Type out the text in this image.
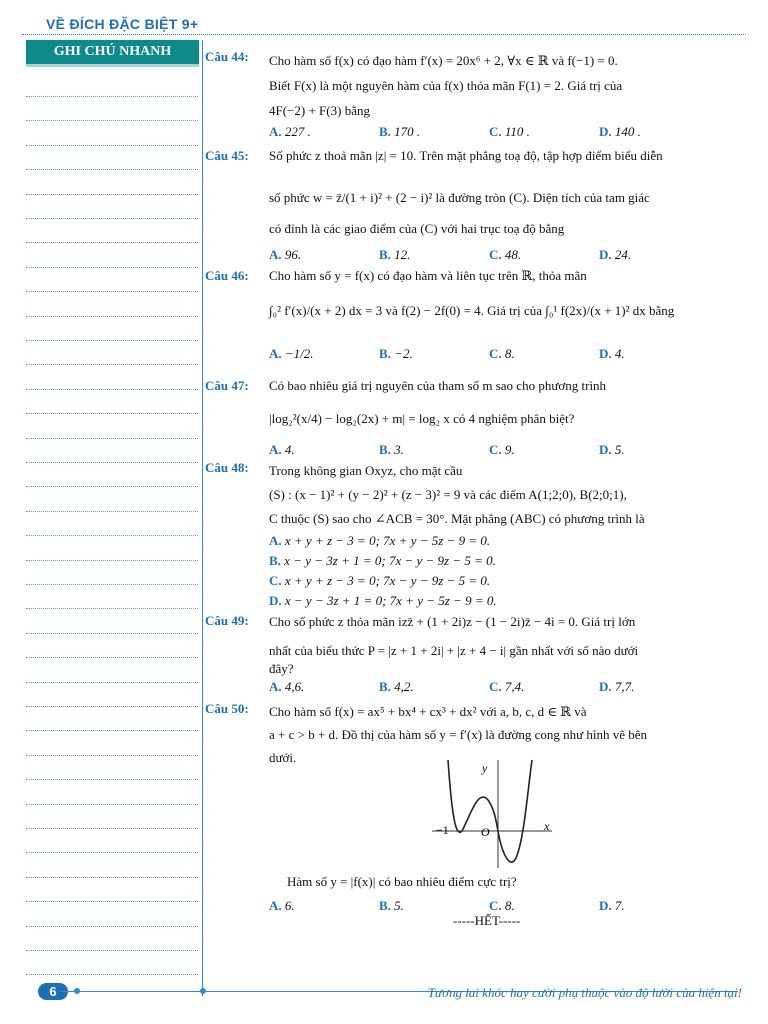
VỀ ĐÍCH ĐẶC BIỆT 9+
GHI CHÚ NHANH	Câu 44: Cho hàm số f(x) có đạo hàm f′(x) = 20x⁶ + 2, ∀x ∈ ℝ và f(−1) = 0.
Biết F(x) là một nguyên hàm của f(x) thỏa mãn F(1) = 2. Giá trị của
4F(−2) + F(3) bằng
A. 227 .	B. 170 .	C. 110 .	D. 140 .
Câu 45: Số phức z thoả mãn |z| = 10. Trên mặt phẳng toạ độ, tập hợp điểm biểu diễn
số phức w = z̄/(1 + i)² + (2 − i)² là đường tròn (C). Diện tích của tam giác
có đỉnh là các giao điểm của (C) với hai trục toạ độ bằng
A. 96.	B. 12.	C. 48.	D. 24.
Câu 46: Cho hàm số y = f(x) có đạo hàm và liên tục trên ℝ, thỏa mãn
∫₀² f′(x)/(x + 2) dx = 3 và f(2) − 2f(0) = 4. Giá trị của ∫₀¹ f(2x)/(x + 1)² dx bằng
A. −1/2.	B. −2.	C. 8.	D. 4.
Câu 47: Có bao nhiêu giá trị nguyên của tham số m sao cho phương trình
|log₂²(x/4) − log₂(2x) + m| = log₂ x có 4 nghiệm phân biệt?
A. 4.	B. 3.	C. 9.	D. 5.
Câu 48: Trong không gian Oxyz, cho mặt cầu
(S) : (x − 1)² + (y − 2)² + (z − 3)² = 9 và các điểm A(1;2;0), B(2;0;1),
C thuộc (S) sao cho ∠ACB = 30°. Mặt phẳng (ABC) có phương trình là
A. x + y + z − 3 = 0; 7x + y − 5z − 9 = 0.
B. x − y − 3z + 1 = 0; 7x − y − 9z − 5 = 0.
C. x + y + z − 3 = 0; 7x − y − 9z − 5 = 0.
D. x − y − 3z + 1 = 0; 7x + y − 5z − 9 = 0.
Câu 49: Cho số phức z thỏa mãn izz̄ + (1 + 2i)z − (1 − 2i)z̄ − 4i = 0. Giá trị lớn
nhất của biểu thức P = |z + 1 + 2i| + |z + 4 − i| gần nhất với số nào dưới
đây?
A. 4,6.	B. 4,2.	C. 7,4.	D. 7,7.
Câu 50: Cho hàm số f(x) = ax⁵ + bx⁴ + cx³ + dx² với a, b, c, d ∈ ℝ và
a + c > b + d. Đồ thị của hàm số y = f′(x) là đường cong như hình vẽ bên
dưới.
y
x
O
−1
Hàm số y = |f(x)| có bao nhiêu điểm cực trị?
A. 6.	B. 5.	C. 8.	D. 7.
-----HẾT-----
6	Tương lai khóc hay cười phụ thuộc vào độ lười của hiện tại!
